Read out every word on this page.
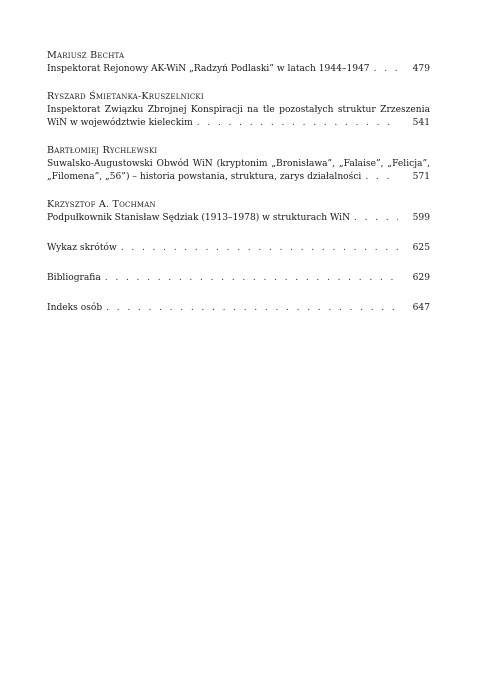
Mariusz Bechta
Inspektorat Rejonowy AK-WiN „Radzyń Podlaski” w latach 1944–1947 . . .	479
Ryszard Śmietanka-Kruszelnicki
Inspektorat Związku Zbrojnej Konspiracji na tle pozostałych struktur Zrzeszenia
WiN w województwie kieleckim . . .	541
Bartłomiej Rychlewski
Suwalsko-Augustowski Obwód WiN (kryptonim „Bronisława”, „Falaise”, „Felicja”,
„Filomena”, „56”) – historia powstania, struktura, zarys działalności . . .	571
Krzysztof A. Tochman
Podpułkownik Stanisław Sędziak (1913–1978) w strukturach WiN . . .	599
Wykaz skrótów . . .	625
Bibliografia . . .	629
Indeks osób . . .	647
